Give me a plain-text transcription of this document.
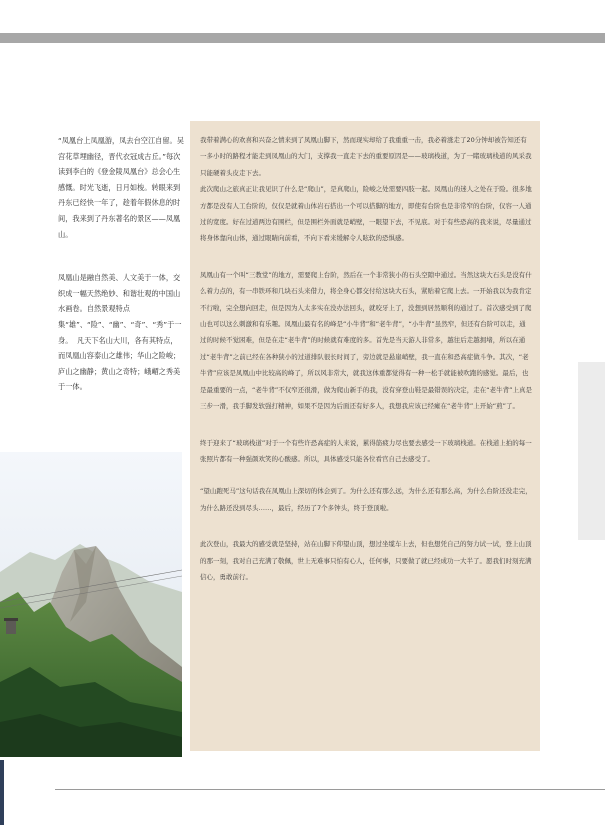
“凤凰台上凤凰游，凤去台空江自留。吴宫花草埋幽径，晋代衣冠成古丘。”每次读到李白的《登金陵凤凰台》总会心生感慨。时光飞逝，日月如梭。转眼来到丹东已经快一年了，趁着年假休息的时间，我来到了丹东著名的景区——凤凰山。

凤凰山是融自然美、人文美于一体，交织成一幅天然绝妙、和谐壮观的中国山水画卷。自然景观特点集“雄”、“险”、“幽”、“奇”、“秀”于一身。  凡天下名山大川，各有其特点，而凤凰山容泰山之雄伟；华山之险峻；庐山之幽静；黄山之奇特；峨嵋之秀美于一体。

我带着满心的欢喜和兴奋之情来到了凤凰山脚下，然而现实却给了我重重一击，我必着涨走了20分钟却被告知还有一多小时的路程才能走到凤凰山的大门，支撑我一直走下去的重要原因是——玻璃栈道，为了一睹玻璃栈道的风采我只能硬着头皮走下去。

此次爬山之旅真正让我见识了什么是“爬山”，是真爬山，险峻之处需要四肢一起。凤凰山的迷人之处在于险。很多地方都是没有人工台阶的，仅仅是就着山体岩石搭出一个可以搭脚的地方，即使有台阶也是非常窄的台阶，仅容一人通过的宽度。好在过道两边有围栏，但是围栏外面就是峭壁，一眼望下去，不见底。对于有些恐高的我来说，尽量通过将身体靠向山体，通过眼睛向前看，不向下看来缓解令人眩软的恐惧感。

凤凰山有一个叫“三教堂”的地方，需要爬上台阶，然后在一个非常狭小的石头空隙中通过。当然这块大石头是没有什么着力点的，有一串铁环和几块石头来借力，将全身心都交付给这块大石头，紧贴着它爬上去。一开始我以为我肯定不行啦，完全想向回走，但是因为人太多实在没办法回头，就咬牙上了，没想到居然顺利的通过了。首次感受到了爬山也可以这么刺激和有乐趣。凤凰山最有名的峰是“小牛背”和“老牛背”，“小牛背”虽然窄，但还有台阶可以走，通过的时候不觉困难，但是在走“老牛背”的时候就有难度的多。首先是当天游人非常多，越往后走越拥堵，所以在通过“老牛背”之前已经在各种狭小的过道排队很长时间了，旁边就是悬崖峭壁，我一直在和恐高症做斗争。其次，“老牛背”应该是凤凰山中比较高的峰了，所以风非常大，就我这体重都觉得有一种一松手就能被吹跑的感觉。最后，也是最重要的一点，“老牛背”不仅窄还很滑，做为爬山新手的我，没有穿登山鞋是最错误的决定，走在“老牛背”上真是三步一滑，我手脚发软强打精神，如果不是因为后面还有好多人，我想我应该已经瘫在“老牛背”上开始“煎”了。

终于迎来了“玻璃栈道”对于一个有些许恐高症的人来说，累得筋疲力尽也要去感受一下玻璃栈道。在栈道上拍的每一张照片都有一种强颜欢笑的心酸感。所以，具体感受只能各位看官自己去感受了。

“望山跑死马”这句话我在凤凰山上深切的体会到了。为什么还有那么远，为什么还有那么高，为什么台阶还没走完，为什么路还没到尽头……，最后，经历了7个多钟头，终于登顶啦。

此次登山，我最大的感受就是坚持，站在山脚下仰望山顶，想过坐缆车上去，但也想凭自己的努力试一试，登上山顶的那一刻，我对自己充满了敬佩，世上无难事只怕有心人，任何事，只要做了就已经成功一大半了。愿我们时刻充满信心，勇敢前行。
